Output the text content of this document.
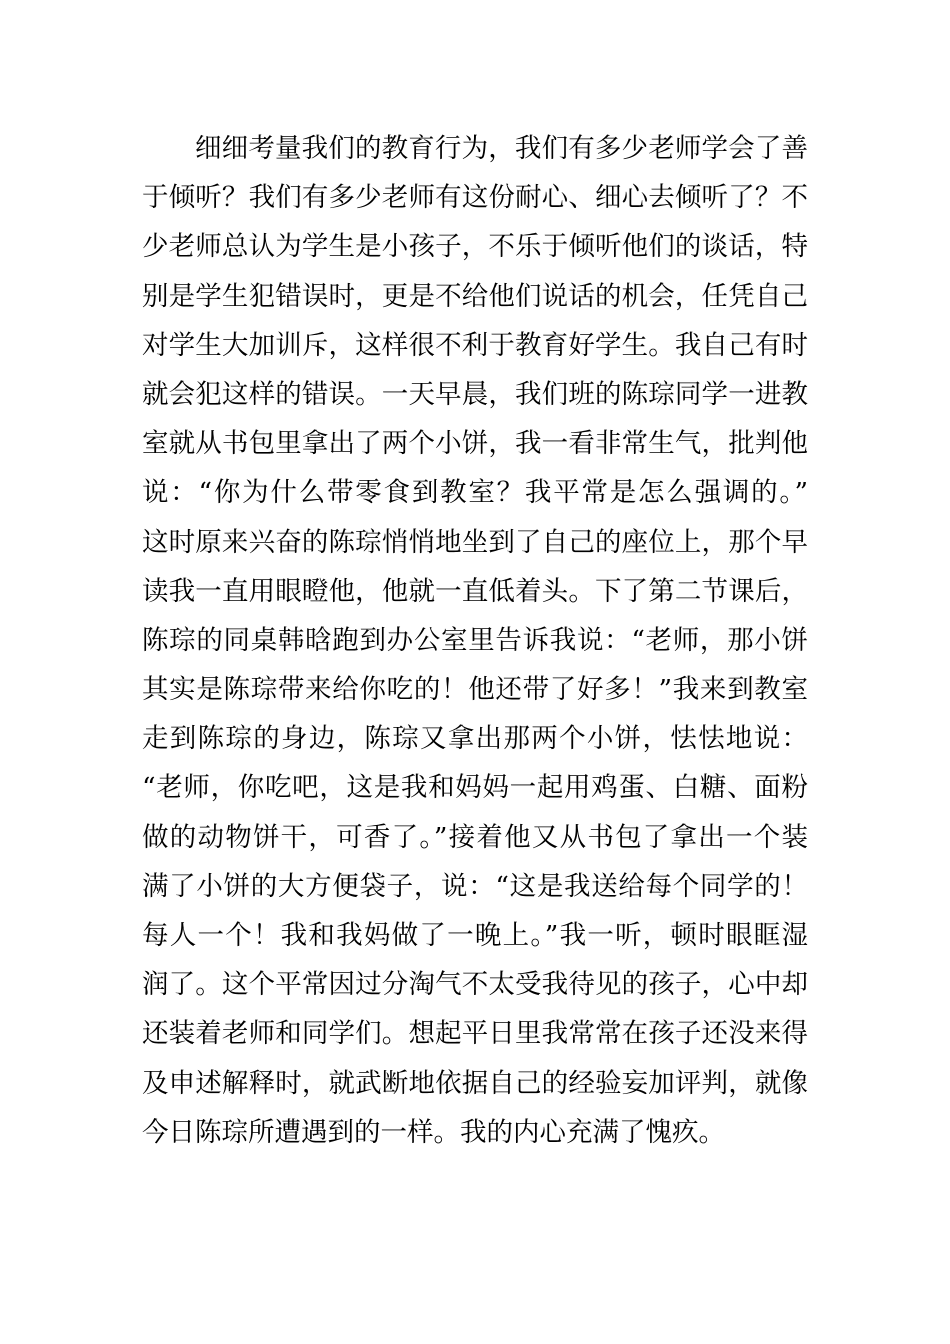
细细考量我们的教育行为，我们有多少老师学会了善
于倾听？我们有多少老师有这份耐心、细心去倾听了？不
少老师总认为学生是小孩子，不乐于倾听他们的谈话，特
别是学生犯错误时，更是不给他们说话的机会，任凭自己
对学生大加训斥，这样很不利于教育好学生。我自己有时
就会犯这样的错误。一天早晨，我们班的陈琮同学一进教
室就从书包里拿出了两个小饼，我一看非常生气，批判他
说：“你为什么带零食到教室？我平常是怎么强调的。”
这时原来兴奋的陈琮悄悄地坐到了自己的座位上，那个早
读我一直用眼瞪他，他就一直低着头。下了第二节课后，
陈琮的同桌韩晗跑到办公室里告诉我说：“老师，那小饼
其实是陈琮带来给你吃的！他还带了好多！”我来到教室
走到陈琮的身边，陈琮又拿出那两个小饼，怯怯地说：
“老师，你吃吧，这是我和妈妈一起用鸡蛋、白糖、面粉
做的动物饼干，可香了。”接着他又从书包了拿出一个装
满了小饼的大方便袋子，说：“这是我送给每个同学的！
每人一个！我和我妈做了一晚上。”我一听，顿时眼眶湿
润了。这个平常因过分淘气不太受我待见的孩子，心中却
还装着老师和同学们。想起平日里我常常在孩子还没来得
及申述解释时，就武断地依据自己的经验妄加评判，就像
今日陈琮所遭遇到的一样。我的内心充满了愧疚。
